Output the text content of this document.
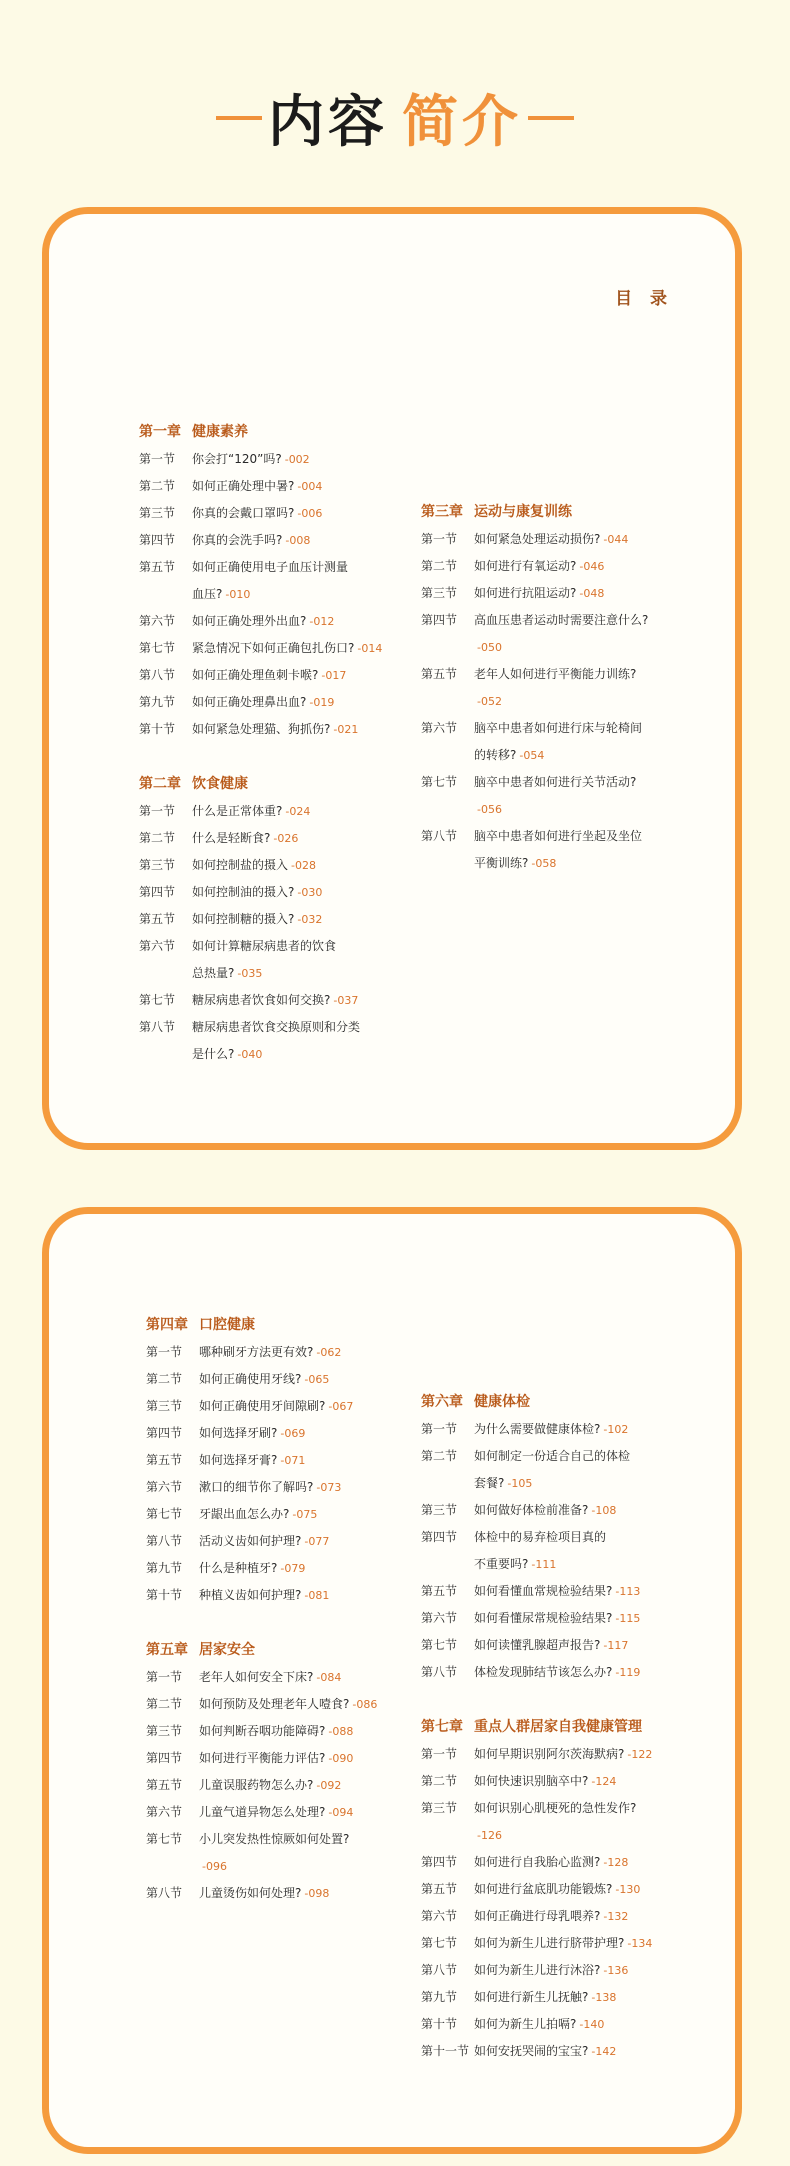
内容 简介
目 录
第一章 健康素养
第一节	你会打“120”吗? -002
第二节	如何正确处理中暑? -004
第三节	你真的会戴口罩吗? -006
第四节	你真的会洗手吗? -008
第五节	如何正确使用电子血压计测量
血压? -010
第六节	如何正确处理外出血? -012
第七节	紧急情况下如何正确包扎伤口? -014
第八节	如何正确处理鱼刺卡喉? -017
第九节	如何正确处理鼻出血? -019
第十节	如何紧急处理猫、狗抓伤? -021
第二章 饮食健康
第一节	什么是正常体重? -024
第二节	什么是轻断食? -026
第三节	如何控制盐的摄入 -028
第四节	如何控制油的摄入? -030
第五节	如何控制糖的摄入? -032
第六节	如何计算糖尿病患者的饮食
总热量? -035
第七节	糖尿病患者饮食如何交换? -037
第八节	糖尿病患者饮食交换原则和分类
是什么? -040
第三章 运动与康复训练
第一节	如何紧急处理运动损伤? -044
第二节	如何进行有氧运动? -046
第三节	如何进行抗阻运动? -048
第四节	高血压患者运动时需要注意什么?
-050
第五节	老年人如何进行平衡能力训练?
-052
第六节	脑卒中患者如何进行床与轮椅间
的转移? -054
第七节	脑卒中患者如何进行关节活动?
-056
第八节	脑卒中患者如何进行坐起及坐位
平衡训练? -058
第四章 口腔健康
第一节	哪种刷牙方法更有效? -062
第二节	如何正确使用牙线? -065
第三节	如何正确使用牙间隙刷? -067
第四节	如何选择牙刷? -069
第五节	如何选择牙膏? -071
第六节	漱口的细节你了解吗? -073
第七节	牙龈出血怎么办? -075
第八节	活动义齿如何护理? -077
第九节	什么是种植牙? -079
第十节	种植义齿如何护理? -081
第五章 居家安全
第一节	老年人如何安全下床? -084
第二节	如何预防及处理老年人噎食? -086
第三节	如何判断吞咽功能障碍? -088
第四节	如何进行平衡能力评估? -090
第五节	儿童误服药物怎么办? -092
第六节	儿童气道异物怎么处理? -094
第七节	小儿突发热性惊厥如何处置?
-096
第八节	儿童烫伤如何处理? -098
第六章 健康体检
第一节	为什么需要做健康体检? -102
第二节	如何制定一份适合自己的体检
套餐? -105
第三节	如何做好体检前准备? -108
第四节	体检中的易弃检项目真的
不重要吗? -111
第五节	如何看懂血常规检验结果? -113
第六节	如何看懂尿常规检验结果? -115
第七节	如何读懂乳腺超声报告? -117
第八节	体检发现肺结节该怎么办? -119
第七章 重点人群居家自我健康管理
第一节	如何早期识别阿尔茨海默病? -122
第二节	如何快速识别脑卒中? -124
第三节	如何识别心肌梗死的急性发作?
-126
第四节	如何进行自我胎心监测? -128
第五节	如何进行盆底肌功能锻炼? -130
第六节	如何正确进行母乳喂养? -132
第七节	如何为新生儿进行脐带护理? -134
第八节	如何为新生儿进行沐浴? -136
第九节	如何进行新生儿抚触? -138
第十节	如何为新生儿拍嗝? -140
第十一节 如何安抚哭闹的宝宝? -142
